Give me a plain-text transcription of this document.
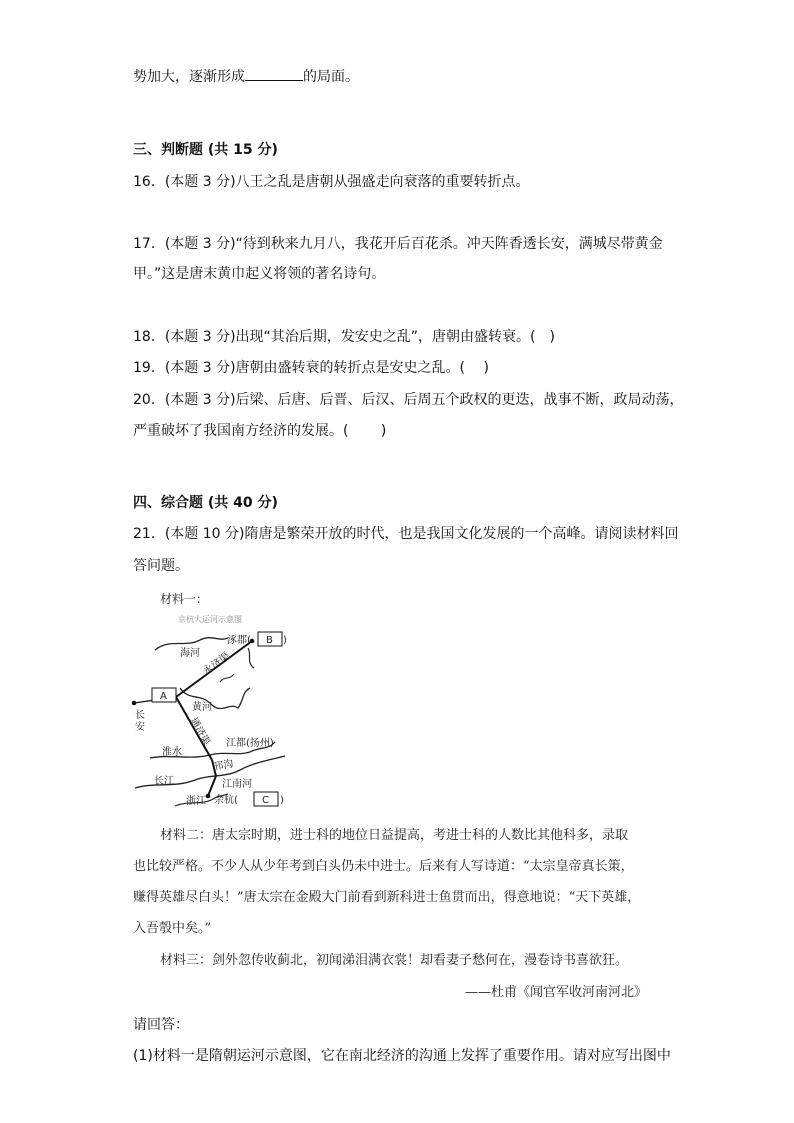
势加大，逐渐形成	的局面。
三、判断题 (共 15 分)
16．(本题 3 分)八王之乱是唐朝从强盛走向衰落的重要转折点。
17．(本题 3 分)“待到秋来九月八，我花开后百花杀。冲天阵香透长安，满城尽带黄金
甲。”这是唐末黄巾起义将领的著名诗句。
18．(本题 3 分)出现“其治后期，发安史之乱”，唐朝由盛转衰。(　)
19．(本题 3 分)唐朝由盛转衰的转折点是安史之乱。(　 )
20．(本题 3 分)后梁、后唐、后晋、后汉、后周五个政权的更迭，战事不断，政局动荡，
严重破坏了我国南方经济的发展。(　　 )
四、综合题 (共 40 分)
21．(本题 10 分)隋唐是繁荣开放的时代，也是我国文化发展的一个高峰。请阅读材料回
答问题。
材料一：
京杭大运河示意图
涿郡( B )
海河 永济渠
A
长
安
黄河
通济渠 江都(扬州)
淮水
邗沟
长江	江南河
浙江 余杭( C )
材料二：唐太宗时期，进士科的地位日益提高，考进士科的人数比其他科多，录取
也比较严格。不少人从少年考到白头仍未中进士。后来有人写诗道：“太宗皇帝真长策，
赚得英雄尽白头！”唐太宗在金殿大门前看到新科进士鱼贯而出，得意地说：“天下英雄，
入吾彀中矣。”
材料三：剑外忽传收蓟北，初闻涕泪满衣裳！却看妻子愁何在，漫卷诗书喜欲狂。
——杜甫《闻官军收河南河北》
请回答：
(1)材料一是隋朝运河示意图，它在南北经济的沟通上发挥了重要作用。请对应写出图中
